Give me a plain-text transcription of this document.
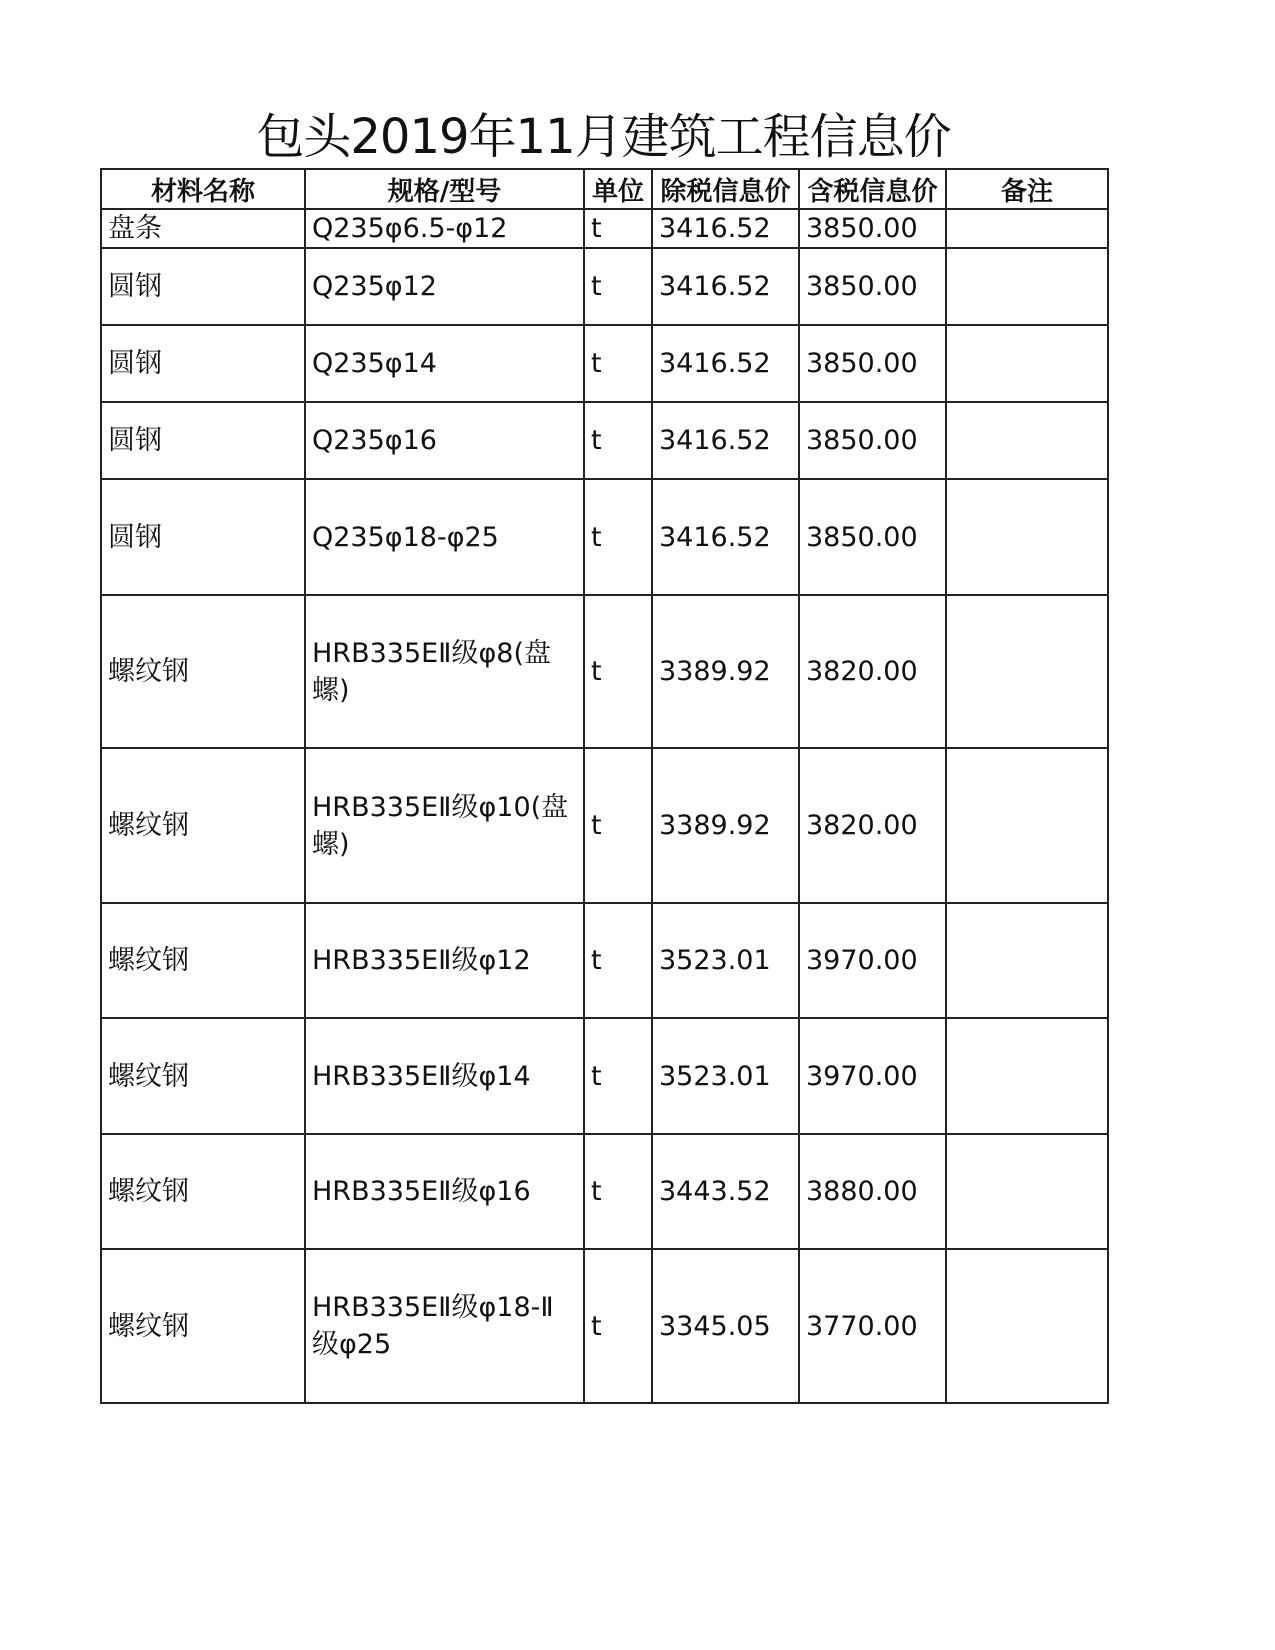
包头2019年11月建筑工程信息价
材料名称	规格/型号	单位	除税信息价	含税信息价	备注
盘条	Q235φ6.5-φ12	t	3416.52	3850.00	
圆钢	Q235φ12	t	3416.52	3850.00	
圆钢	Q235φ14	t	3416.52	3850.00	
圆钢	Q235φ16	t	3416.52	3850.00	
圆钢	Q235φ18-φ25	t	3416.52	3850.00	
螺纹钢	HRB335EⅡ级φ8(盘螺)	t	3389.92	3820.00	
螺纹钢	HRB335EⅡ级φ10(盘螺)	t	3389.92	3820.00	
螺纹钢	HRB335EⅡ级φ12	t	3523.01	3970.00	
螺纹钢	HRB335EⅡ级φ14	t	3523.01	3970.00	
螺纹钢	HRB335EⅡ级φ16	t	3443.52	3880.00	
螺纹钢	HRB335EⅡ级φ18-Ⅱ级φ25	t	3345.05	3770.00	
